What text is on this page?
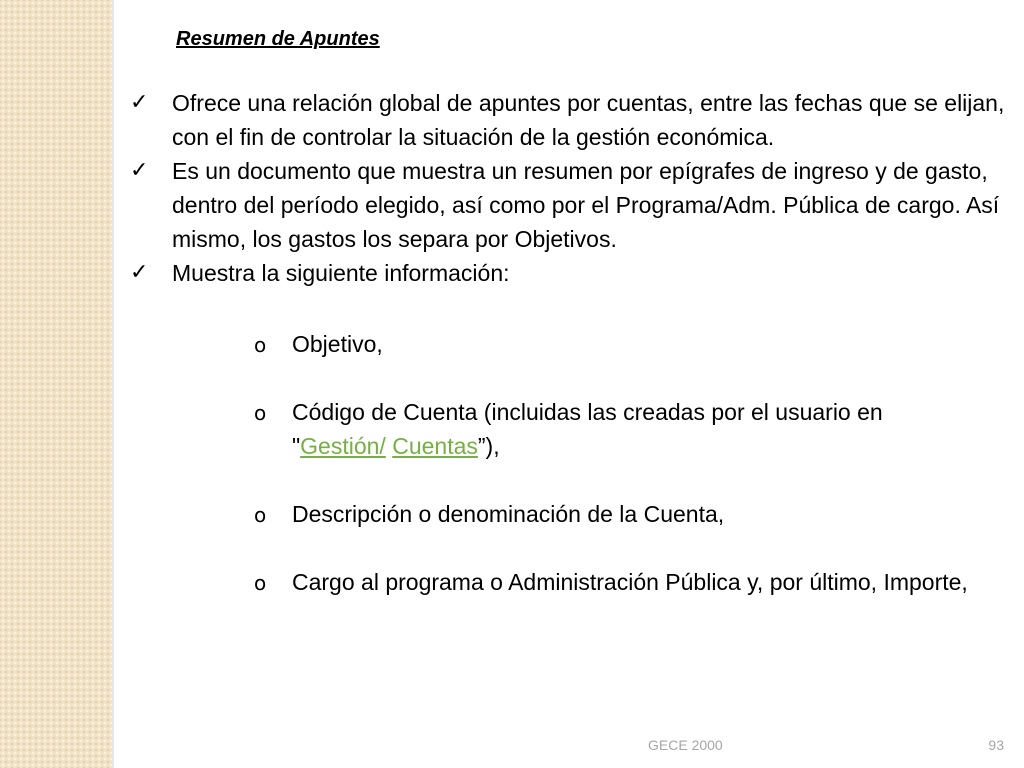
Resumen de Apuntes
✓	Ofrece una relación global de apuntes por cuentas, entre las fechas que se elijan, con el fin de controlar la situación de la gestión económica.
✓	Es un documento que muestra un resumen por epígrafes de ingreso y de gasto, dentro del período elegido, así como por el Programa/Adm. Pública de cargo. Así mismo, los gastos los separa por Objetivos.
✓	Muestra la siguiente información:
o	Objetivo,
o	Código de Cuenta (incluidas las creadas por el usuario en "Gestión/ Cuentas”),
o	Descripción o denominación de la Cuenta,
o	Cargo al programa o Administración Pública y, por último, Importe,
GECE 2000	93
